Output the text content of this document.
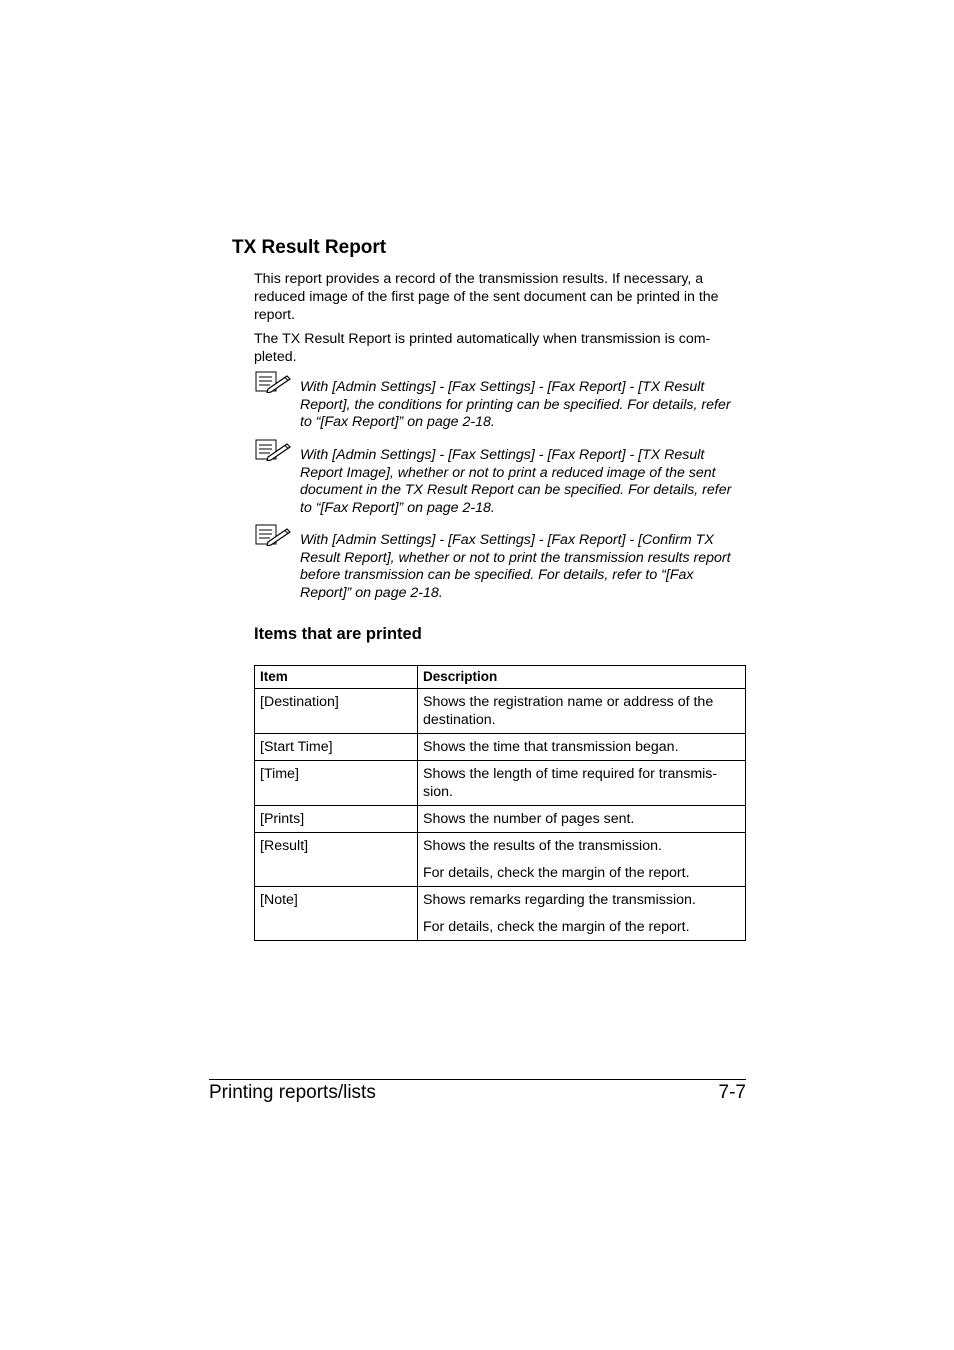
TX Result Report

This report provides a record of the transmission results. If necessary, a reduced image of the first page of the sent document can be printed in the report.

The TX Result Report is printed automatically when transmission is com-pleted.

With [Admin Settings] - [Fax Settings] - [Fax Report] - [TX Result Report], the conditions for printing can be specified. For details, refer to “[Fax Report]” on page 2-18.

With [Admin Settings] - [Fax Settings] - [Fax Report] - [TX Result Report Image], whether or not to print a reduced image of the sent document in the TX Result Report can be specified. For details, refer to “[Fax Report]” on page 2-18.

With [Admin Settings] - [Fax Settings] - [Fax Report] - [Confirm TX Result Report], whether or not to print the transmission results report before transmission can be specified. For details, refer to “[Fax Report]” on page 2-18.

Items that are printed
Item	Description
[Destination]	Shows the registration name or address of the destination.

[Start Time]	Shows the time that transmission began.

[Time]	Shows the length of time required for transmis-sion.

[Prints]	Shows the number of pages sent.

[Result]	Shows the results of the transmission.

For details, check the margin of the report.

[Note]	Shows remarks regarding the transmission.

For details, check the margin of the report.

Printing reports/lists	7-7
